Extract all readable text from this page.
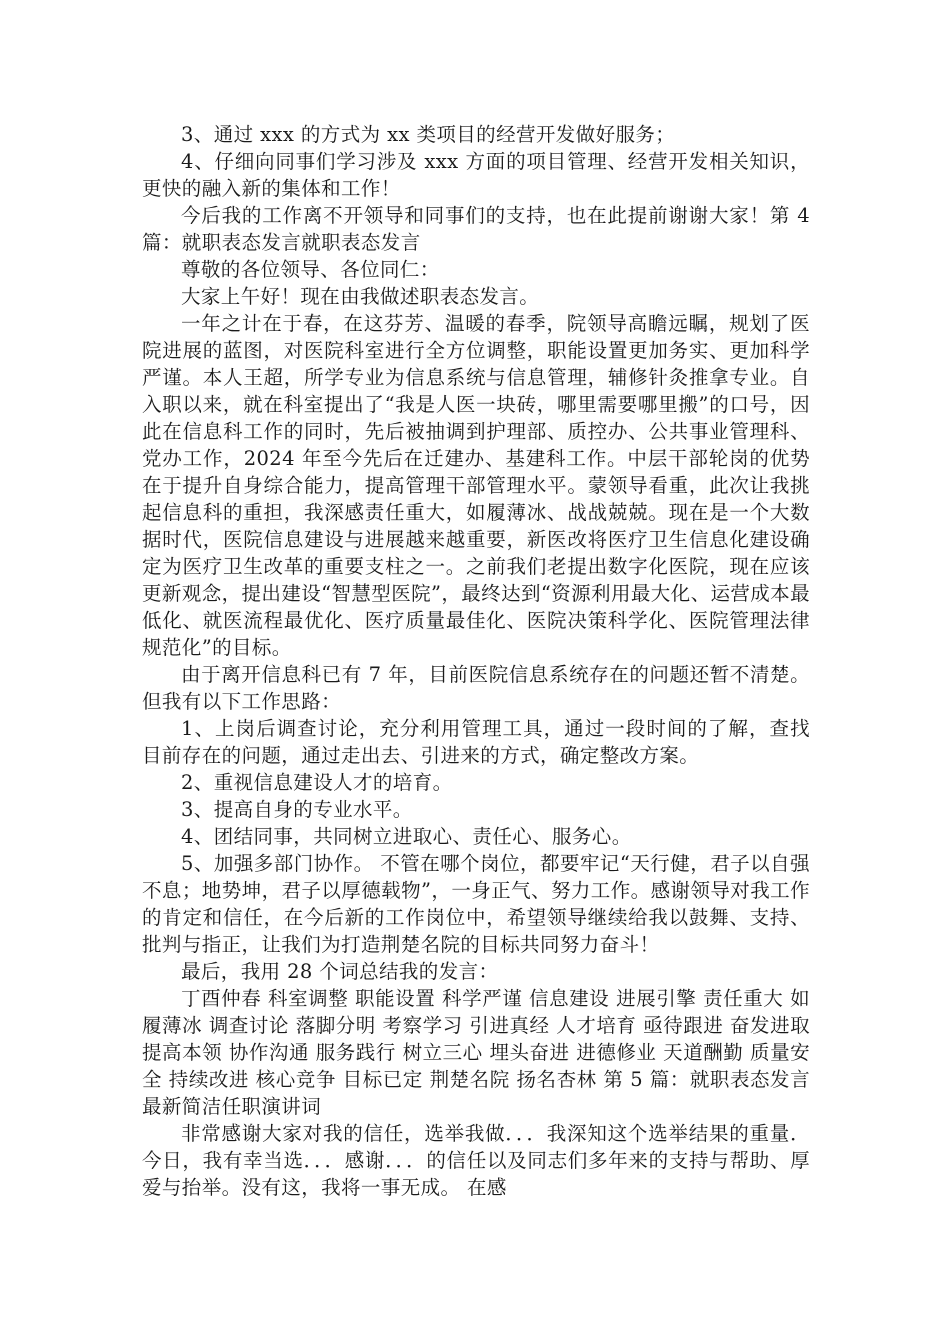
3、通过 xxx 的方式为 xx 类项目的经营开发做好服务；

4、仔细向同事们学习涉及 xxx 方面的项目管理、经营开发相关知识，更快的融入新的集体和工作！

今后我的工作离不开领导和同事们的支持，也在此提前谢谢大家！第 4 篇：就职表态发言就职表态发言

尊敬的各位领导、各位同仁：

大家上午好！现在由我做述职表态发言。

一年之计在于春，在这芬芳、温暖的春季，院领导高瞻远瞩，规划了医院进展的蓝图，对医院科室进行全方位调整，职能设置更加务实、更加科学严谨。本人王超，所学专业为信息系统与信息管理，辅修针灸推拿专业。自入职以来，就在科室提出了“我是人医一块砖，哪里需要哪里搬”的口号，因此在信息科工作的同时，先后被抽调到护理部、质控办、公共事业管理科、党办工作，2024 年至今先后在迁建办、基建科工作。中层干部轮岗的优势在于提升自身综合能力，提高管理干部管理水平。蒙领导看重，此次让我挑起信息科的重担，我深感责任重大，如履薄冰、战战兢兢。现在是一个大数据时代，医院信息建设与进展越来越重要，新医改将医疗卫生信息化建设确定为医疗卫生改革的重要支柱之一。之前我们老提出数字化医院，现在应该更新观念，提出建设“智慧型医院”，最终达到“资源利用最大化、运营成本最低化、就医流程最优化、医疗质量最佳化、医院决策科学化、医院管理法律规范化”的目标。

由于离开信息科已有 7 年，目前医院信息系统存在的问题还暂不清楚。但我有以下工作思路：

1、上岗后调查讨论，充分利用管理工具，通过一段时间的了解，查找目前存在的问题，通过走出去、引进来的方式，确定整改方案。

2、重视信息建设人才的培育。

3、提高自身的专业水平。

4、团结同事，共同树立进取心、责任心、服务心。

5、加强多部门协作。 不管在哪个岗位，都要牢记“天行健，君子以自强不息；地势坤，君子以厚德载物”，一身正气、努力工作。感谢领导对我工作的肯定和信任，在今后新的工作岗位中，希望领导继续给我以鼓舞、支持、批判与指正，让我们为打造荆楚名院的目标共同努力奋斗！

最后，我用 28 个词总结我的发言：

丁酉仲春 科室调整 职能设置 科学严谨 信息建设 进展引擎 责任重大 如履薄冰 调查讨论 落脚分明 考察学习 引进真经 人才培育 亟待跟进 奋发进取 提高本领 协作沟通 服务践行 树立三心 埋头奋进 进德修业 天道酬勤 质量安全 持续改进 核心竞争 目标已定 荆楚名院 扬名杏林 第 5 篇：就职表态发言最新简洁任职演讲词

非常感谢大家对我的信任，选举我做．．．我深知这个选举结果的重量．今日，我有幸当选．．．感谢．．．的信任以及同志们多年来的支持与帮助、厚爱与抬举。没有这，我将一事无成。 在感
